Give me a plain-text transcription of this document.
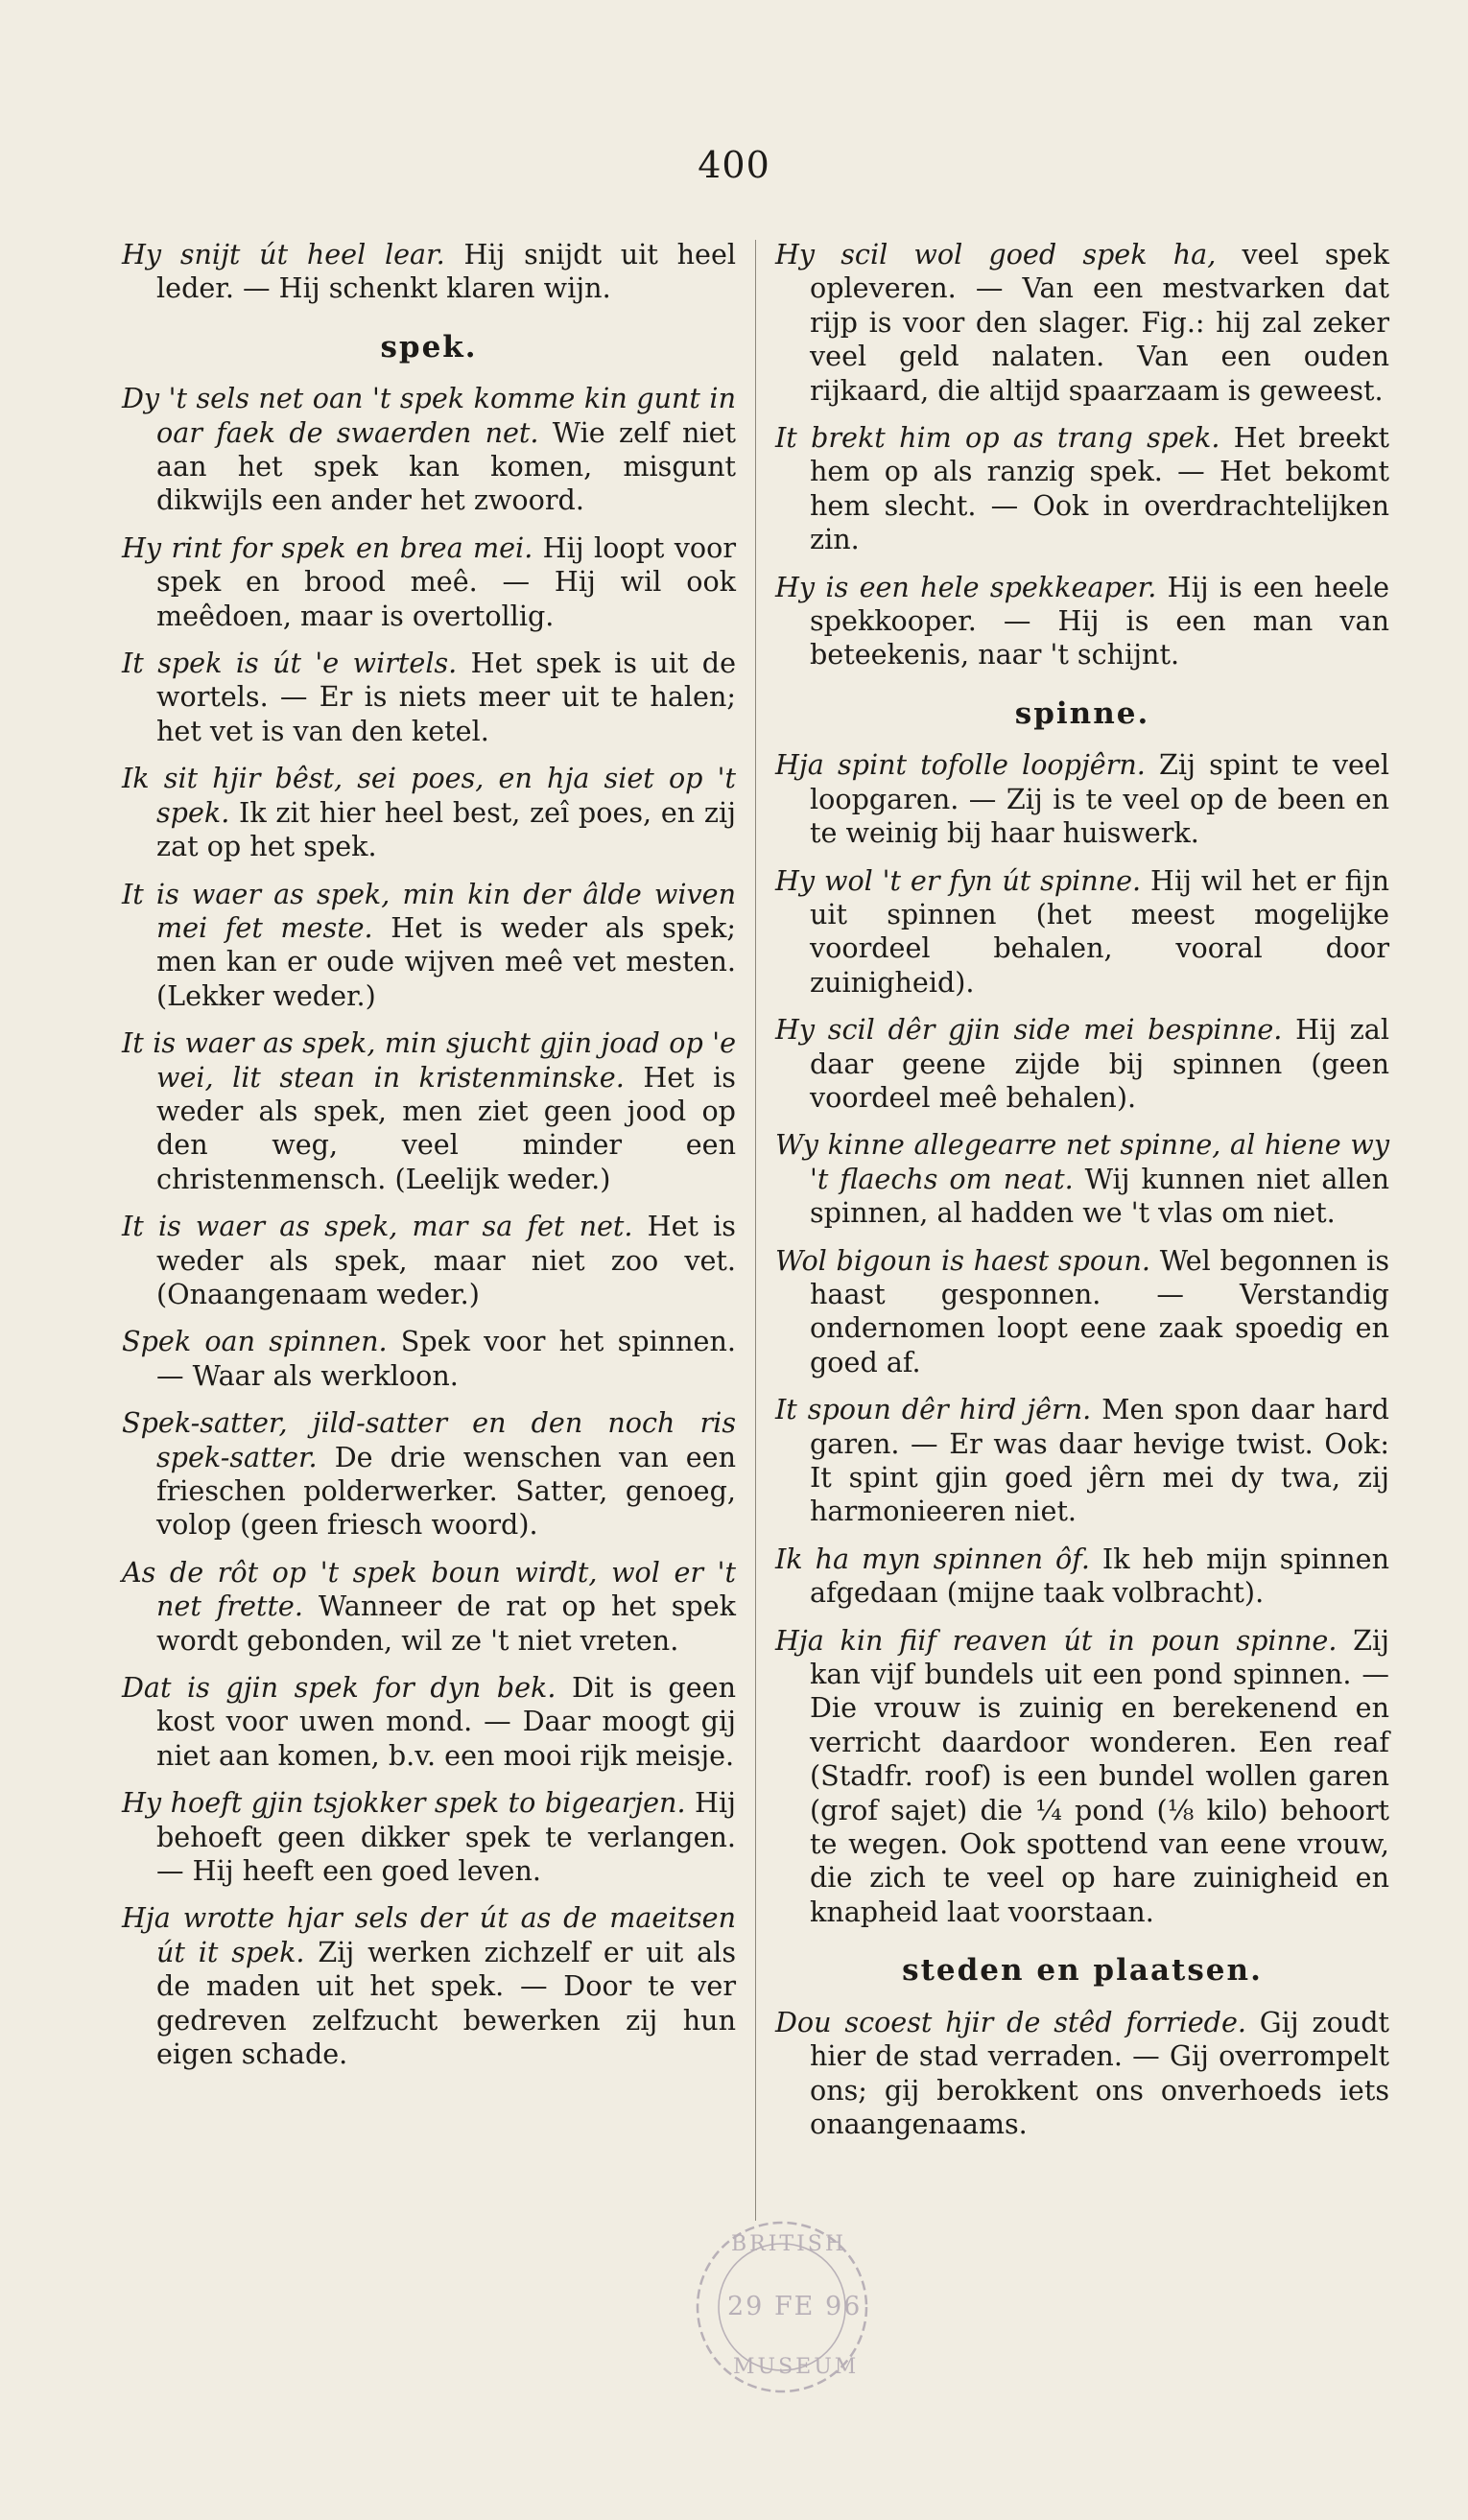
400

Hy snijt út heel lear. Hij snijdt uit heel leder. — Hij schenkt klaren wijn.

spek.

Dy 't sels net oan 't spek komme kin gunt in oar faek de swaerden net. Wie zelf niet aan het spek kan komen, misgunt dikwijls een ander het zwoord.

Hy rint for spek en brea mei. Hij loopt voor spek en brood meê. — Hij wil ook meêdoen, maar is overtollig.

It spek is út 'e wirtels. Het spek is uit de wortels. — Er is niets meer uit te halen; het vet is van den ketel.

Ik sit hjir bêst, sei poes, en hja siet op 't spek. Ik zit hier heel best, zeî poes, en zij zat op het spek.

It is waer as spek, min kin der âlde wiven mei fet meste. Het is weder als spek; men kan er oude wijven meê vet mesten. (Lekker weder.)

It is waer as spek, min sjucht gjin joad op 'e wei, lit stean in kristenminske. Het is weder als spek, men ziet geen jood op den weg, veel minder een christenmensch. (Leelijk weder.)

It is waer as spek, mar sa fet net. Het is weder als spek, maar niet zoo vet. (Onaangenaam weder.)

Spek oan spinnen. Spek voor het spinnen. — Waar als werkloon.

Spek-satter, jild-satter en den noch ris spek-satter. De drie wenschen van een frieschen polderwerker. Satter, genoeg, volop (geen friesch woord).

As de rôt op 't spek boun wirdt, wol er 't net frette. Wanneer de rat op het spek wordt gebonden, wil ze 't niet vreten.

Dat is gjin spek for dyn bek. Dit is geen kost voor uwen mond. — Daar moogt gij niet aan komen, b.v. een mooi rijk meisje.

Hy hoeft gjin tsjokker spek to bigearjen. Hij behoeft geen dikker spek te verlangen. — Hij heeft een goed leven.

Hja wrotte hjar sels der út as de maeitsen út it spek. Zij werken zichzelf er uit als de maden uit het spek. — Door te ver gedreven zelfzucht bewerken zij hun eigen schade.

Hy scil wol goed spek ha, veel spek opleveren. — Van een mestvarken dat rijp is voor den slager. Fig.: hij zal zeker veel geld nalaten. Van een ouden rijkaard, die altijd spaarzaam is geweest.

It brekt him op as trang spek. Het breekt hem op als ranzig spek. — Het bekomt hem slecht. — Ook in overdrachtelijken zin.

Hy is een hele spekkeaper. Hij is een heele spekkooper. — Hij is een man van beteekenis, naar 't schijnt.

spinne.

Hja spint tofolle loopjêrn. Zij spint te veel loopgaren. — Zij is te veel op de been en te weinig bij haar huiswerk.

Hy wol 't er fyn út spinne. Hij wil het er fijn uit spinnen (het meest mogelijke voordeel behalen, vooral door zuinigheid).

Hy scil dêr gjin side mei bespinne. Hij zal daar geene zijde bij spinnen (geen voordeel meê behalen).

Wy kinne allegearre net spinne, al hiene wy 't flaechs om neat. Wij kunnen niet allen spinnen, al hadden we 't vlas om niet.

Wol bigoun is haest spoun. Wel begonnen is haast gesponnen. — Verstandig ondernomen loopt eene zaak spoedig en goed af.

It spoun dêr hird jêrn. Men spon daar hard garen. — Er was daar hevige twist. Ook: It spint gjin goed jêrn mei dy twa, zij harmonieeren niet.

Ik ha myn spinnen ôf. Ik heb mijn spinnen afgedaan (mijne taak volbracht).

Hja kin fiif reaven út in poun spinne. Zij kan vijf bundels uit een pond spinnen. — Die vrouw is zuinig en berekenend en verricht daardoor wonderen. Een reaf (Stadfr. roof) is een bundel wollen garen (grof sajet) die ¼ pond (⅛ kilo) behoort te wegen. Ook spottend van eene vrouw, die zich te veel op hare zuinigheid en knapheid laat voorstaan.

steden en plaatsen.

Dou scoest hjir de stêd forriede. Gij zoudt hier de stad verraden. — Gij overrompelt ons; gij berokkent ons onverhoeds iets onaangenaams.

BRITISH
29 FE 96
MUSEUM
